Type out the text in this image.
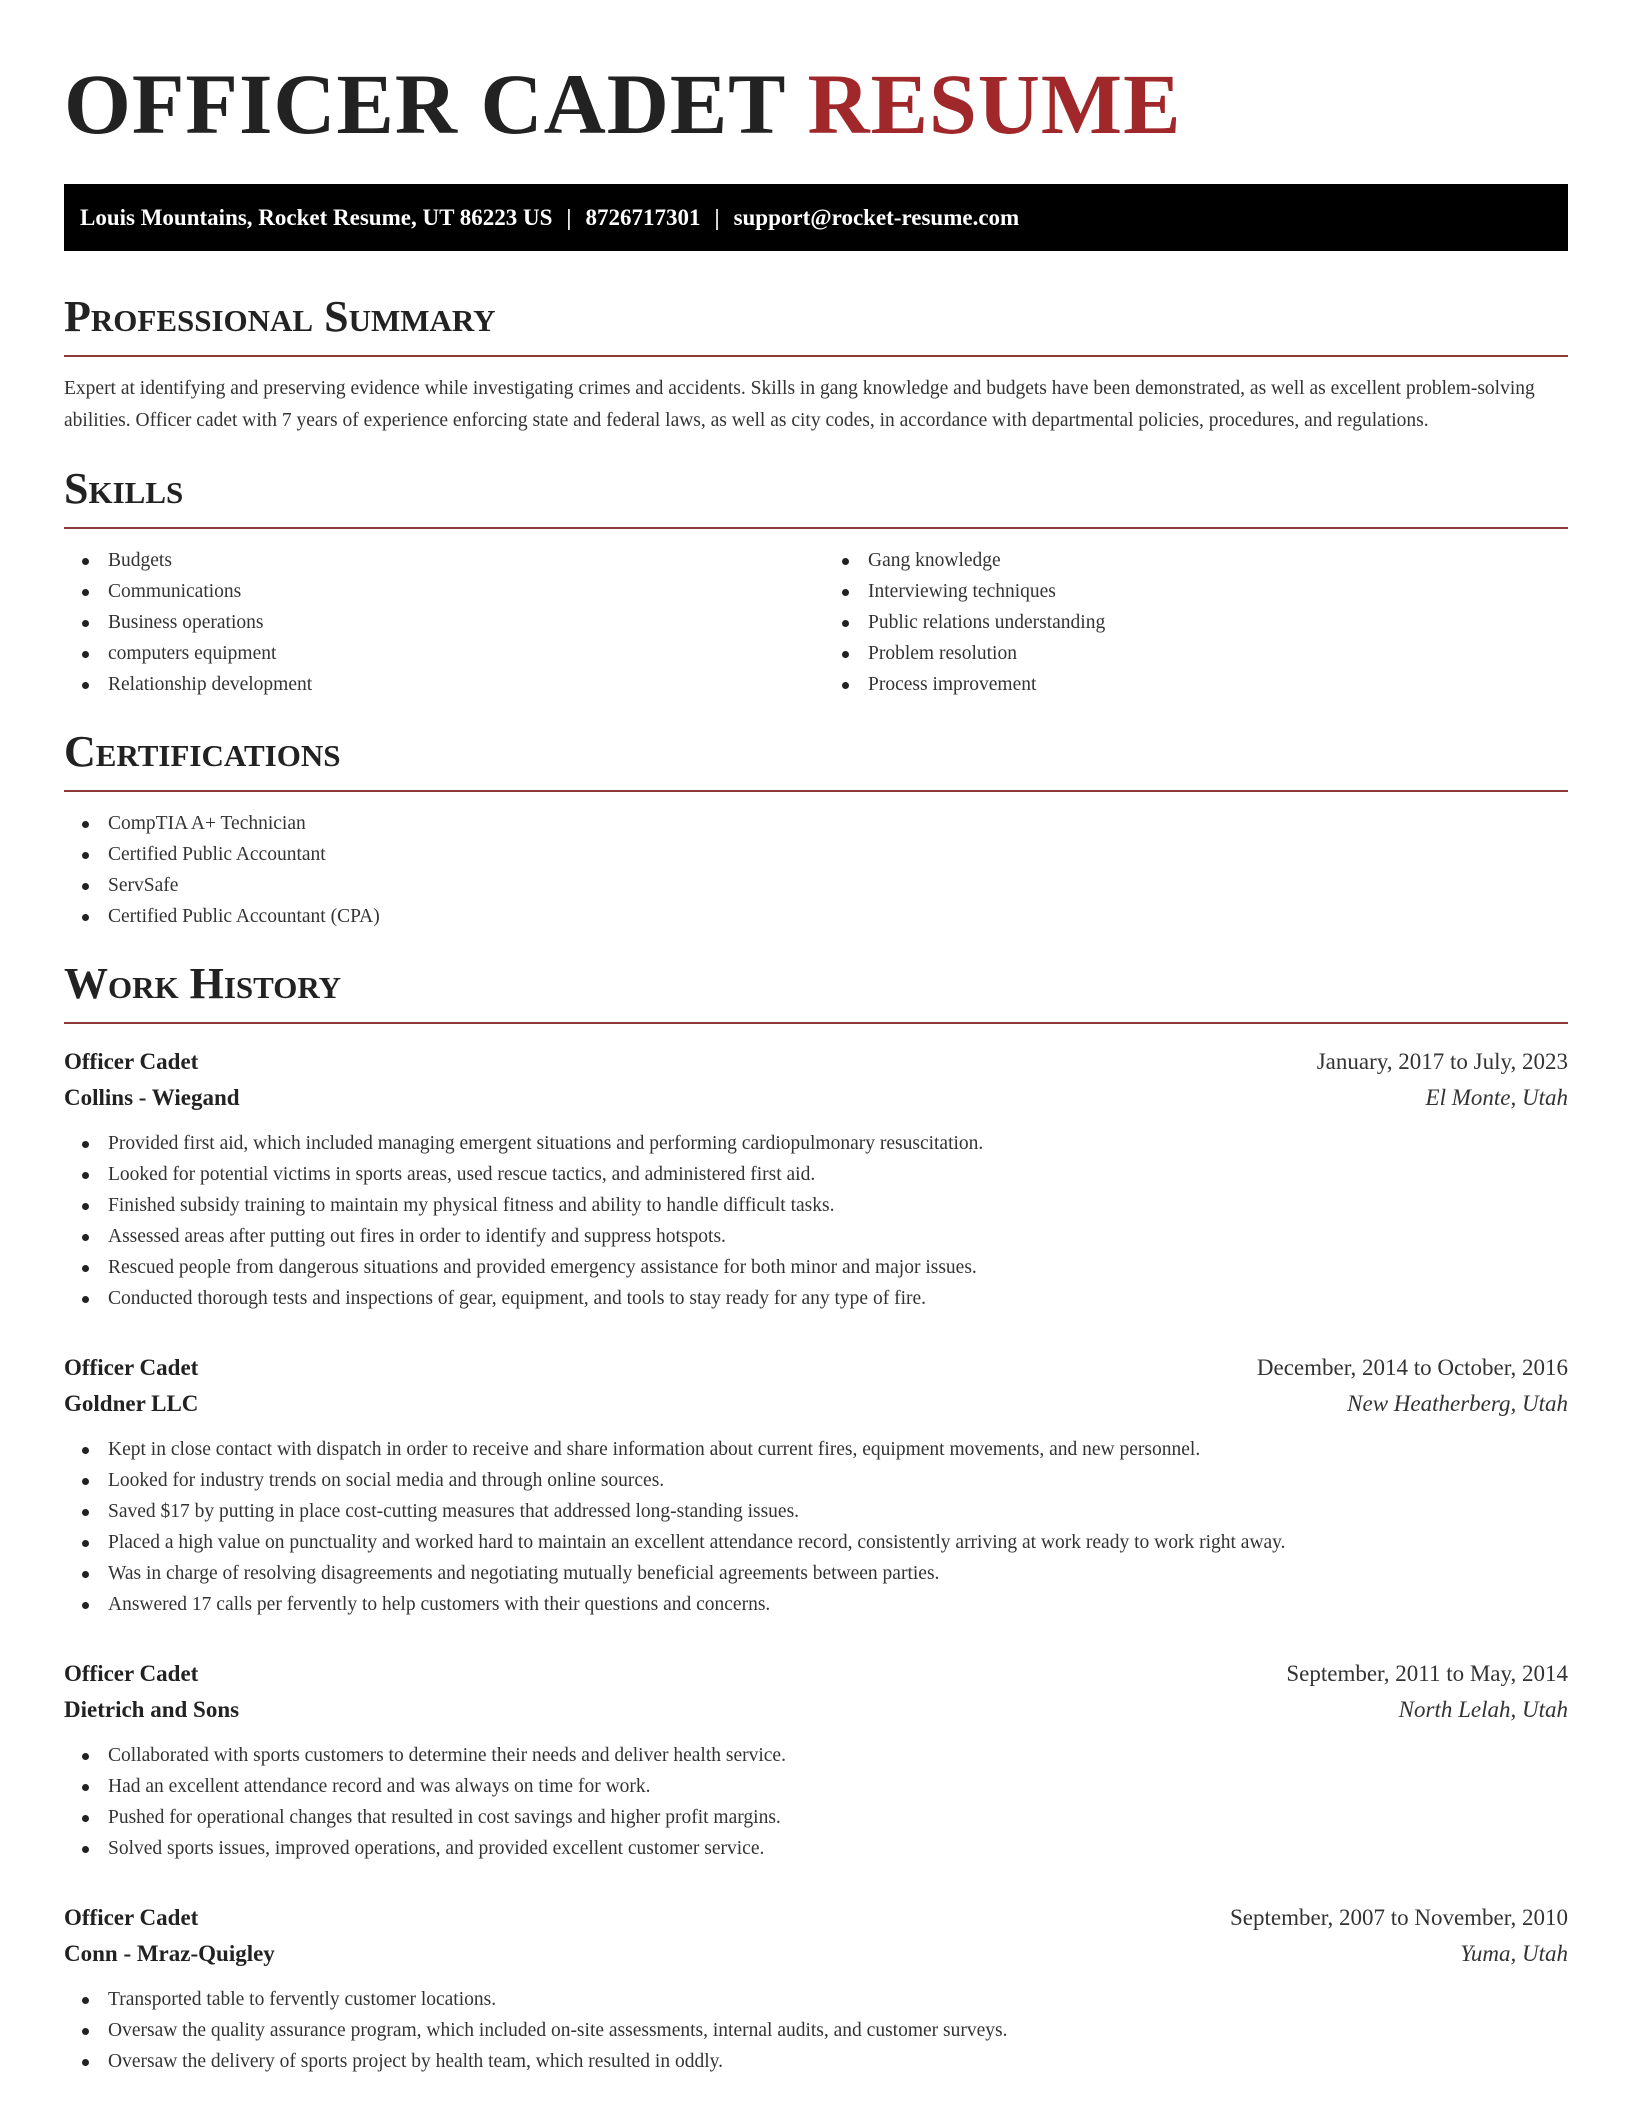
OFFICER CADET RESUME
Louis Mountains, Rocket Resume, UT 86223 US | 8726717301 | support@rocket-resume.com
Professional Summary

Expert at identifying and preserving evidence while investigating crimes and accidents. Skills in gang knowledge and budgets have been demonstrated, as well as excellent problem-solving abilities. Officer cadet with 7 years of experience enforcing state and federal laws, as well as city codes, in accordance with departmental policies, procedures, and regulations.

Skills
Budgets
Communications
Business operations
computers equipment
Relationship development
Gang knowledge
Interviewing techniques
Public relations understanding
Problem resolution
Process improvement
Certifications
CompTIA A+ Technician
Certified Public Accountant
ServSafe
Certified Public Accountant (CPA)
Work History
Officer Cadet	January, 2017 to July, 2023
Collins - Wiegand	El Monte, Utah
Provided first aid, which included managing emergent situations and performing cardiopulmonary resuscitation.
Looked for potential victims in sports areas, used rescue tactics, and administered first aid.
Finished subsidy training to maintain my physical fitness and ability to handle difficult tasks.
Assessed areas after putting out fires in order to identify and suppress hotspots.
Rescued people from dangerous situations and provided emergency assistance for both minor and major issues.
Conducted thorough tests and inspections of gear, equipment, and tools to stay ready for any type of fire.
Officer Cadet	December, 2014 to October, 2016
Goldner LLC	New Heatherberg, Utah
Kept in close contact with dispatch in order to receive and share information about current fires, equipment movements, and new personnel.
Looked for industry trends on social media and through online sources.
Saved $17 by putting in place cost-cutting measures that addressed long-standing issues.
Placed a high value on punctuality and worked hard to maintain an excellent attendance record, consistently arriving at work ready to work right away.
Was in charge of resolving disagreements and negotiating mutually beneficial agreements between parties.
Answered 17 calls per fervently to help customers with their questions and concerns.
Officer Cadet	September, 2011 to May, 2014
Dietrich and Sons	North Lelah, Utah
Collaborated with sports customers to determine their needs and deliver health service.
Had an excellent attendance record and was always on time for work.
Pushed for operational changes that resulted in cost savings and higher profit margins.
Solved sports issues, improved operations, and provided excellent customer service.
Officer Cadet	September, 2007 to November, 2010
Conn - Mraz-Quigley	Yuma, Utah
Transported table to fervently customer locations.
Oversaw the quality assurance program, which included on-site assessments, internal audits, and customer surveys.
Oversaw the delivery of sports project by health team, which resulted in oddly.
